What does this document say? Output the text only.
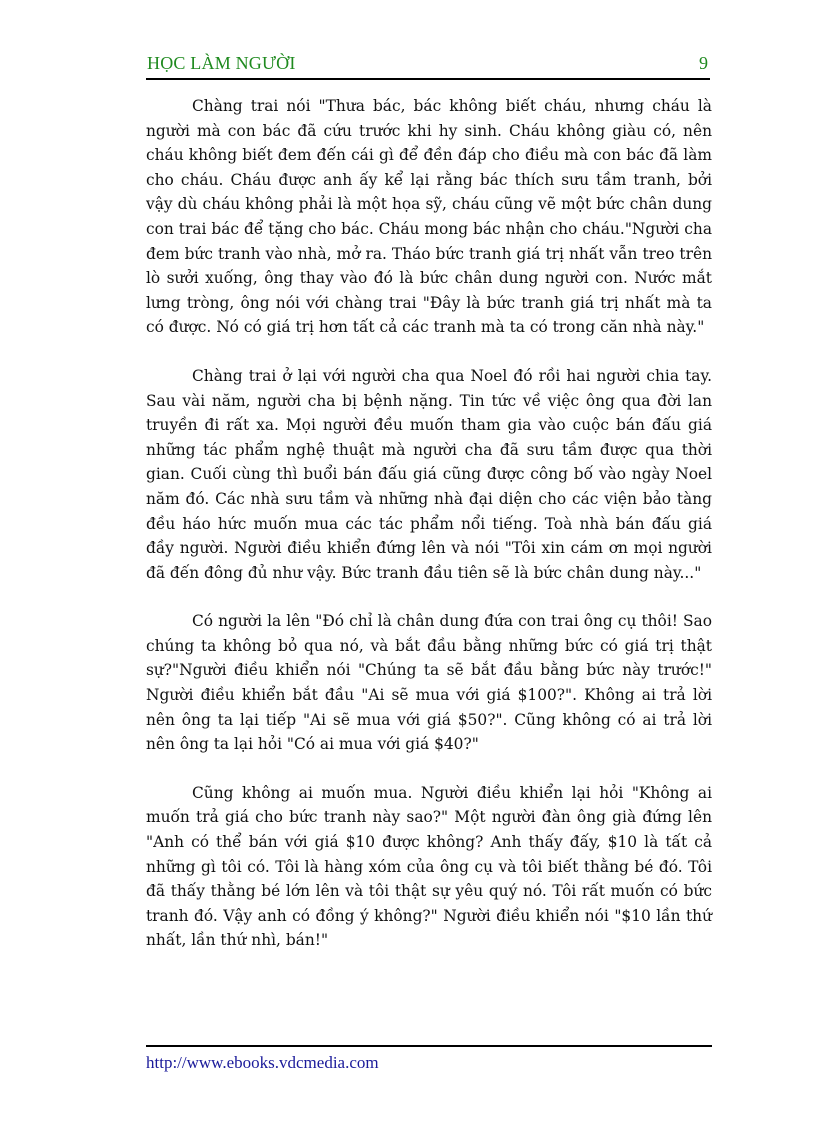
HỌC LÀM NGƯỜI	9

Chàng trai nói "Thưa bác, bác không biết cháu, nhưng cháu là người mà con bác đã cứu trước khi hy sinh. Cháu không giàu có, nên cháu không biết đem đến cái gì để đền đáp cho điều mà con bác đã làm cho cháu. Cháu được anh ấy kể lại rằng bác thích sưu tầm tranh, bởi vậy dù cháu không phải là một họa sỹ, cháu cũng vẽ một bức chân dung con trai bác để tặng cho bác. Cháu mong bác nhận cho cháu."Người cha đem bức tranh vào nhà, mở ra. Tháo bức tranh giá trị nhất vẫn treo trên lò sưởi xuống, ông thay vào đó là bức chân dung người con. Nước mắt lưng tròng, ông nói với chàng trai "Đây là bức tranh giá trị nhất mà ta có được. Nó có giá trị hơn tất cả các tranh mà ta có trong căn nhà này."

Chàng trai ở lại với người cha qua Noel đó rồi hai người chia tay. Sau vài năm, người cha bị bệnh nặng. Tin tức về việc ông qua đời lan truyền đi rất xa. Mọi người đều muốn tham gia vào cuộc bán đấu giá những tác phẩm nghệ thuật mà người cha đã sưu tầm được qua thời gian. Cuối cùng thì buổi bán đấu giá cũng được công bố vào ngày Noel năm đó. Các nhà sưu tầm và những nhà đại diện cho các viện bảo tàng đều háo hức muốn mua các tác phẩm nổi tiếng. Toà nhà bán đấu giá đầy người. Người điều khiển đứng lên và nói "Tôi xin cám ơn mọi người đã đến đông đủ như vậy. Bức tranh đầu tiên sẽ là bức chân dung này..."

Có người la lên "Đó chỉ là chân dung đứa con trai ông cụ thôi! Sao chúng ta không bỏ qua nó, và bắt đầu bằng những bức có giá trị thật sự?"Người điều khiển nói "Chúng ta sẽ bắt đầu bằng bức này trước!" Người điều khiển bắt đầu "Ai sẽ mua với giá $100?". Không ai trả lời nên ông ta lại tiếp "Ai sẽ mua với giá $50?". Cũng không có ai trả lời nên ông ta lại hỏi "Có ai mua với giá $40?"

Cũng không ai muốn mua. Người điều khiển lại hỏi "Không ai muốn trả giá cho bức tranh này sao?" Một người đàn ông già đứng lên "Anh có thể bán với giá $10 được không? Anh thấy đấy, $10 là tất cả những gì tôi có. Tôi là hàng xóm của ông cụ và tôi biết thằng bé đó. Tôi đã thấy thằng bé lớn lên và tôi thật sự yêu quý nó. Tôi rất muốn có bức tranh đó. Vậy anh có đồng ý không?" Người điều khiển nói "$10 lần thứ nhất, lần thứ nhì, bán!"

http://www.ebooks.vdcmedia.com
